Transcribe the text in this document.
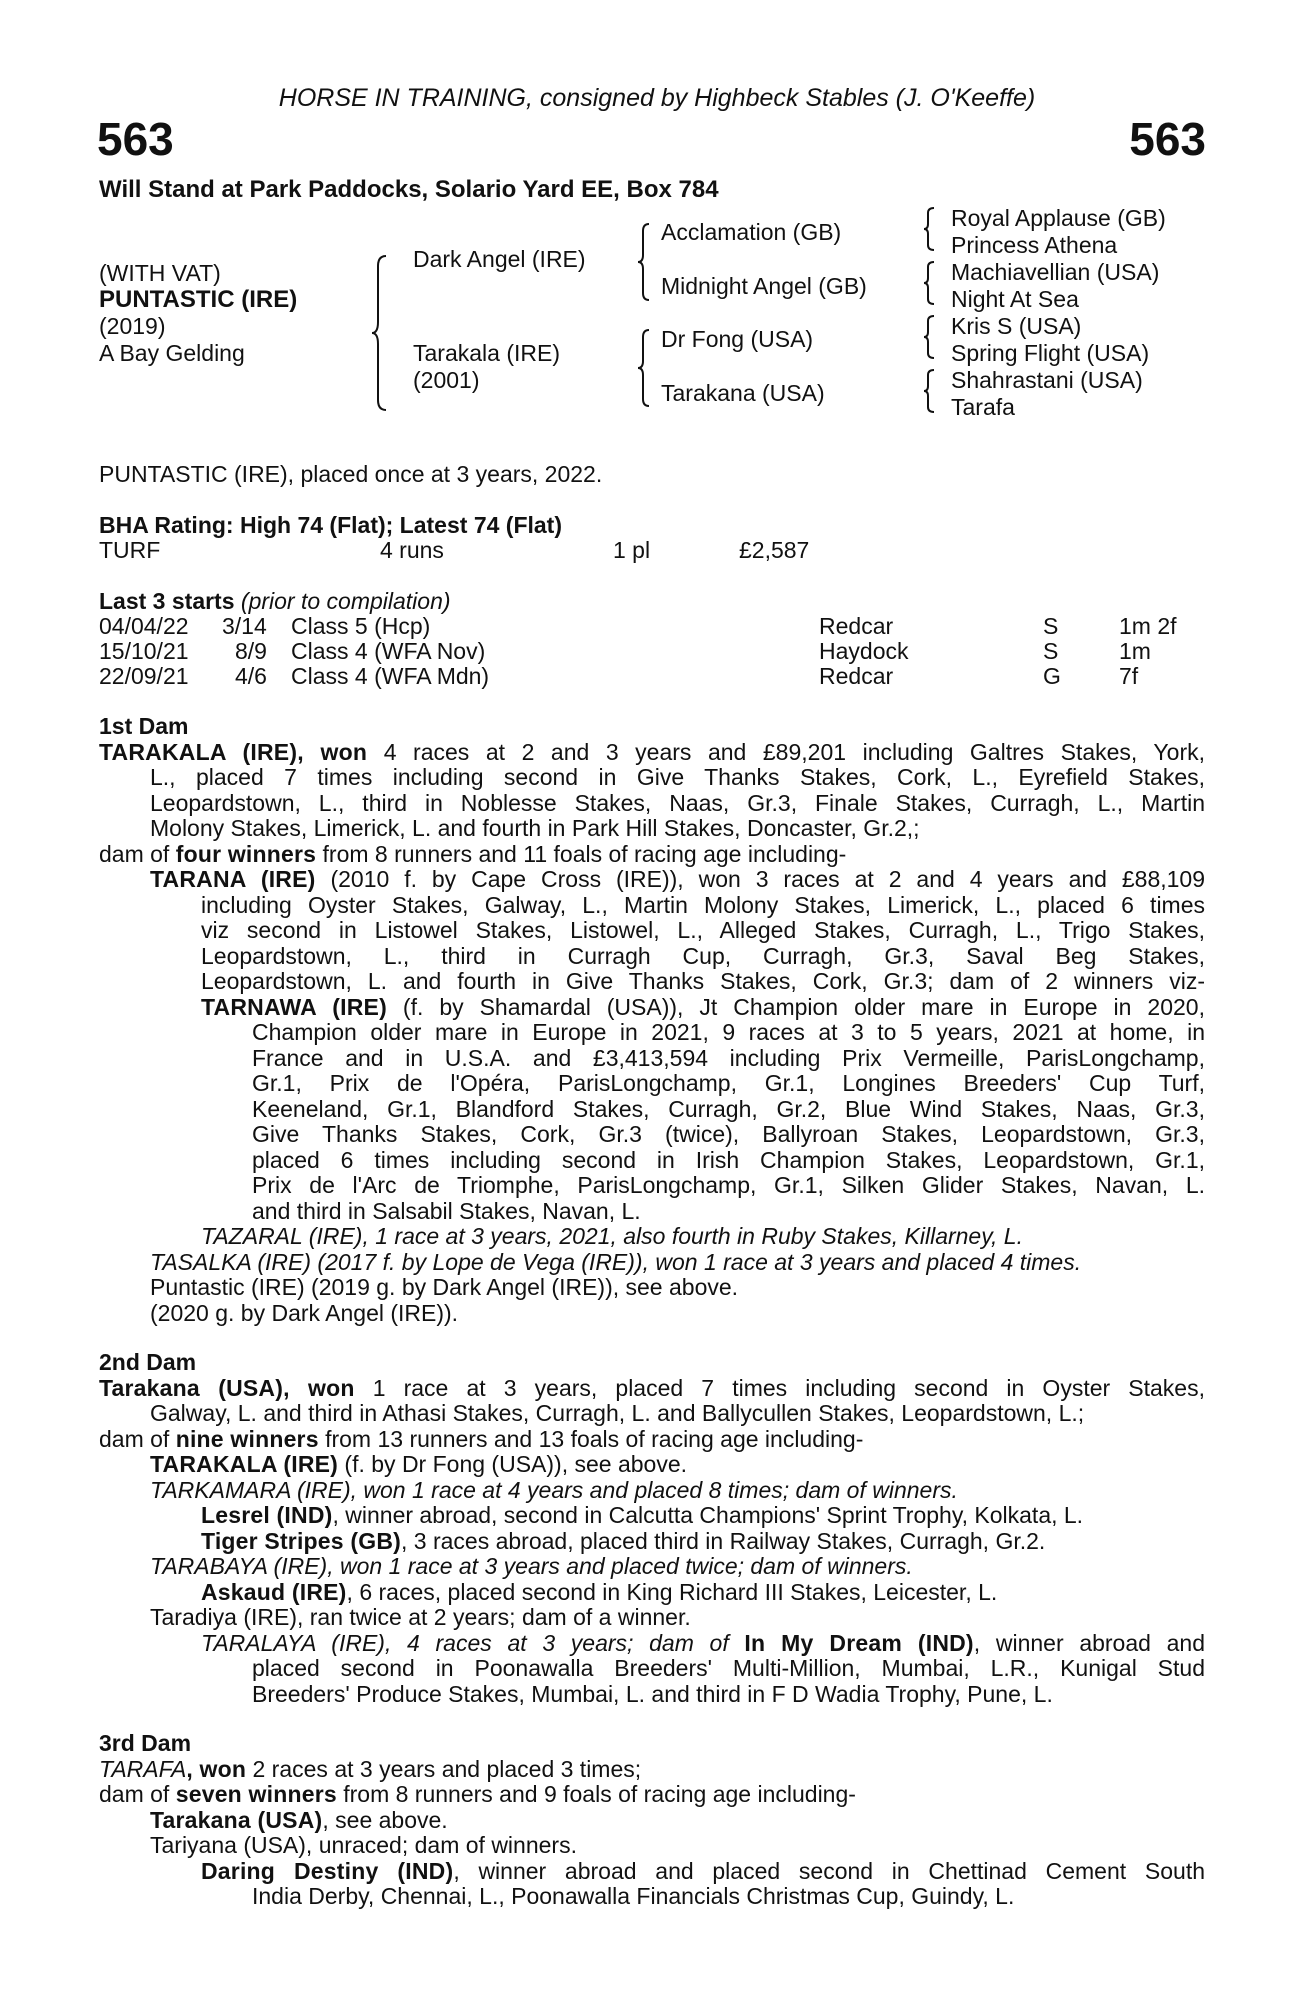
HORSE IN TRAINING, consigned by Highbeck Stables (J. O'Keeffe)
563	563
Will Stand at Park Paddocks, Solario Yard EE, Box 784
(WITH VAT)
PUNTASTIC (IRE)
(2019)
A Bay Gelding
Dark Angel (IRE)
Tarakala (IRE)
(2001)
Acclamation (GB)
Midnight Angel (GB)
Dr Fong (USA)
Tarakana (USA)
Royal Applause (GB)
Princess Athena
Machiavellian (USA)
Night At Sea
Kris S (USA)
Spring Flight (USA)
Shahrastani (USA)
Tarafa
PUNTASTIC (IRE), placed once at 3 years, 2022.
BHA Rating: High 74 (Flat); Latest 74 (Flat)
TURF	4 runs	1 pl	£2,587
Last 3 starts (prior to compilation)
04/04/22 3/14 Class 5 (Hcp)	Redcar	S	1m 2f
15/10/21 8/9 Class 4 (WFA Nov)	Haydock	S	1m
22/09/21 4/6 Class 4 (WFA Mdn)	Redcar	G	7f
1st Dam
TARAKALA (IRE), won 4 races at 2 and 3 years and £89,201 including Galtres Stakes, York,
L., placed 7 times including second in Give Thanks Stakes, Cork, L., Eyrefield Stakes,
Leopardstown, L., third in Noblesse Stakes, Naas, Gr.3, Finale Stakes, Curragh, L., Martin
Molony Stakes, Limerick, L. and fourth in Park Hill Stakes, Doncaster, Gr.2,;
dam of four winners from 8 runners and 11 foals of racing age including-
TARANA (IRE) (2010 f. by Cape Cross (IRE)), won 3 races at 2 and 4 years and £88,109
including Oyster Stakes, Galway, L., Martin Molony Stakes, Limerick, L., placed 6 times
viz second in Listowel Stakes, Listowel, L., Alleged Stakes, Curragh, L., Trigo Stakes,
Leopardstown, L., third in Curragh Cup, Curragh, Gr.3, Saval Beg Stakes,
Leopardstown, L. and fourth in Give Thanks Stakes, Cork, Gr.3; dam of 2 winners viz-
TARNAWA (IRE) (f. by Shamardal (USA)), Jt Champion older mare in Europe in 2020,
Champion older mare in Europe in 2021, 9 races at 3 to 5 years, 2021 at home, in
France and in U.S.A. and £3,413,594 including Prix Vermeille, ParisLongchamp,
Gr.1, Prix de l'Opéra, ParisLongchamp, Gr.1, Longines Breeders' Cup Turf,
Keeneland, Gr.1, Blandford Stakes, Curragh, Gr.2, Blue Wind Stakes, Naas, Gr.3,
Give Thanks Stakes, Cork, Gr.3 (twice), Ballyroan Stakes, Leopardstown, Gr.3,
placed 6 times including second in Irish Champion Stakes, Leopardstown, Gr.1,
Prix de l'Arc de Triomphe, ParisLongchamp, Gr.1, Silken Glider Stakes, Navan, L.
and third in Salsabil Stakes, Navan, L.
TAZARAL (IRE), 1 race at 3 years, 2021, also fourth in Ruby Stakes, Killarney, L.
TASALKA (IRE) (2017 f. by Lope de Vega (IRE)), won 1 race at 3 years and placed 4 times.
Puntastic (IRE) (2019 g. by Dark Angel (IRE)), see above.
(2020 g. by Dark Angel (IRE)).
2nd Dam
Tarakana (USA), won 1 race at 3 years, placed 7 times including second in Oyster Stakes,
Galway, L. and third in Athasi Stakes, Curragh, L. and Ballycullen Stakes, Leopardstown, L.;
dam of nine winners from 13 runners and 13 foals of racing age including-
TARAKALA (IRE) (f. by Dr Fong (USA)), see above.
TARKAMARA (IRE), won 1 race at 4 years and placed 8 times; dam of winners.
Lesrel (IND), winner abroad, second in Calcutta Champions' Sprint Trophy, Kolkata, L.
Tiger Stripes (GB), 3 races abroad, placed third in Railway Stakes, Curragh, Gr.2.
TARABAYA (IRE), won 1 race at 3 years and placed twice; dam of winners.
Askaud (IRE), 6 races, placed second in King Richard III Stakes, Leicester, L.
Taradiya (IRE), ran twice at 2 years; dam of a winner.
TARALAYA (IRE), 4 races at 3 years; dam of In My Dream (IND), winner abroad and
placed second in Poonawalla Breeders' Multi-Million, Mumbai, L.R., Kunigal Stud
Breeders' Produce Stakes, Mumbai, L. and third in F D Wadia Trophy, Pune, L.
3rd Dam
TARAFA, won 2 races at 3 years and placed 3 times;
dam of seven winners from 8 runners and 9 foals of racing age including-
Tarakana (USA), see above.
Tariyana (USA), unraced; dam of winners.
Daring Destiny (IND), winner abroad and placed second in Chettinad Cement South
India Derby, Chennai, L., Poonawalla Financials Christmas Cup, Guindy, L.
